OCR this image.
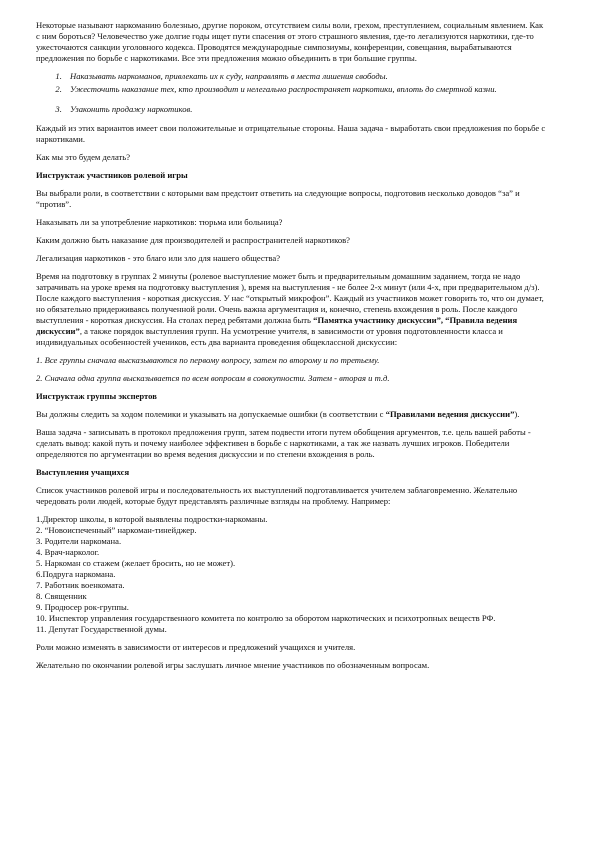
Некоторые называют наркоманию болезнью, другие пороком, отсутствием силы воли, грехом, преступлением, социальным явлением. Как с ним бороться? Человечество уже долгие годы ищет пути спасения от этого страшного явления, где-то легализуются наркотики, где-то ужесточаются санкции уголовного кодекса. Проводятся международные симпозиумы, конференции, совещания, вырабатываются предложения по борьбе с наркотиками. Все эти предложения можно объединить в три большие группы.

1. Наказывать наркоманов, привлекать их к суду, направлять в места лишения свободы.
2. Ужесточить наказание тех, кто производит и нелегально распространяет наркотики, вплоть до смертной казни.
3. Узаконить продажу наркотиков.

Каждый из этих вариантов имеет свои положительные и отрицательные стороны. Наша задача - выработать свои предложения по борьбе с наркотиками.

Как мы это будем делать?

Инструктаж участников ролевой игры

Вы выбрали роли, в соответствии с которыми вам предстоит ответить на следующие вопросы, подготовив несколько доводов “за” и “против”.

Наказывать ли за употребление наркотиков: тюрьма или больница?

Каким должно быть наказание для производителей и распространителей наркотиков?

Легализация наркотиков - это благо или зло для нашего общества?

Время на подготовку в группах 2 минуты (ролевое выступление может быть и предварительным домашним заданием, тогда не надо затрачивать на уроке время на подготовку выступления ), время на выступления - не более 2-х минут (или 4-х, при предварительном д/з). После каждого выступления - короткая дискуссия. У нас “открытый микрофон”. Каждый из участников может говорить то, что он думает, но обязательно придерживаясь полученной роли. Очень важна аргументация и, конечно, степень вхождения в роль. После каждого выступления - короткая дискуссия. На столах перед ребятами должна быть “Памятка участнику дискуссии”, “Правила ведения дискуссии”, а также порядок выступления групп. На усмотрение учителя, в зависимости от уровня подготовленности класса и индивидуальных особенностей учеников, есть два варианта проведения общеклассной дискуссии:

1. Все группы сначала высказываются по первому вопросу, затем по второму и по третьему.

2. Сначала одна группа высказывается по всем вопросам в совокупности. Затем - вторая и т.д.

Инструктаж группы экспертов

Вы должны следить за ходом полемики и указывать на допускаемые ошибки (в соответствии с “Правилами ведения дискуссии”).

Ваша задача - записывать в протокол предложения групп, затем подвести итоги путем обобщения аргументов, т.е. цель вашей работы - сделать вывод: какой путь и почему наиболее эффективен в борьбе с наркотиками, а так же назвать лучших игроков. Победители определяются по аргументации во время ведения дискуссии и по степени вхождения в роль.

Выступления учащихся

Список участников ролевой игры и последовательность их выступлений подготавливается учителем заблаговременно. Желательно чередовать роли людей, которые будут представлять различные взгляды на проблему. Например:

1.Директор школы, в которой выявлены подростки-наркоманы.
2. “Новоиспеченный” наркоман-тинейджер.
3. Родители наркомана.
4. Врач-нарколог.
5. Наркоман со стажем (желает бросить, но не может).
6.Подруга наркомана.
7. Работник военкомата.
8. Священник
9. Продюсер рок-группы.
10. Инспектор управления государственного комитета по контролю за оборотом наркотических и психотропных веществ РФ.
11. Депутат Государственной думы.

Роли можно изменять в зависимости от интересов и предложений учащихся и учителя.

Желательно по окончании ролевой игры заслушать личное мнение участников по обозначенным вопросам.
